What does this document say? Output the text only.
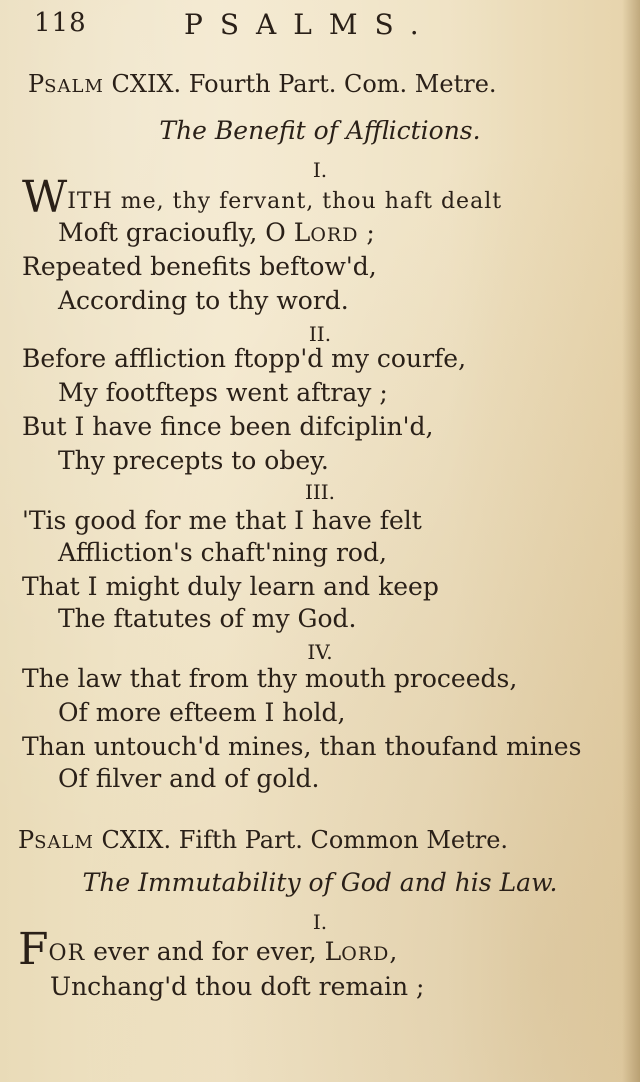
118	PSALMS.
PSALM CXIX. Fourth Part. Com. Metre.
The Benefit of Afflictions.
I.
WITH me, thy fervant, thou haft dealt
Moft gracioufly, O LORD ;
Repeated benefits beftow'd,
According to thy word.
II.
Before affliction ftopp'd my courfe,
My footfteps went aftray ;
But I have fince been difciplin'd,
Thy precepts to obey.
III.
'Tis good for me that I have felt
Affliction's chaft'ning rod,
That I might duly learn and keep
The ftatutes of my God.
IV.
The law that from thy mouth proceeds,
Of more efteem I hold,
Than untouch'd mines, than thoufand mines
Of filver and of gold.
PSALM CXIX. Fifth Part. Common Metre.
The Immutability of God and his Law.
I.
FOR ever and for ever, LORD,
Unchang'd thou doft remain ;
